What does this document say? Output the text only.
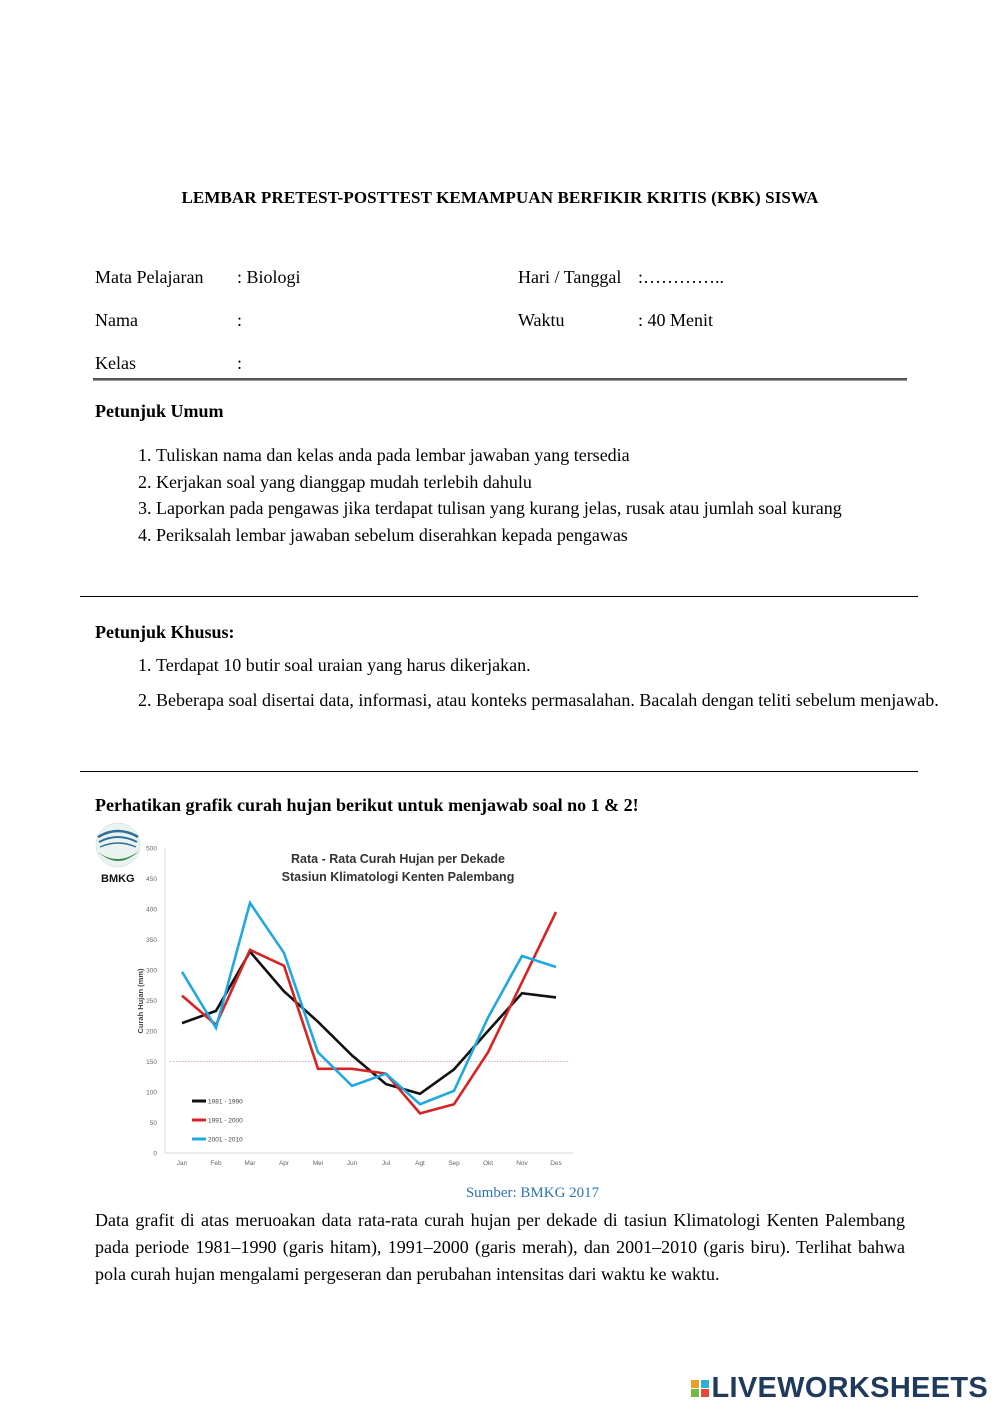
LEMBAR PRETEST-POSTTEST KEMAMPUAN BERFIKIR KRITIS (KBK) SISWA
Mata Pelajaran : Biologi	Hari / Tanggal :…………..
Nama	:	Waktu	: 40 Menit
Kelas	:
Petunjuk Umum
1. Tuliskan nama dan kelas anda pada lembar jawaban yang tersedia
2. Kerjakan soal yang dianggap mudah terlebih dahulu
3. Laporkan pada pengawas jika terdapat tulisan yang kurang jelas, rusak atau jumlah soal kurang
4. Periksalah lembar jawaban sebelum diserahkan kepada pengawas
Petunjuk Khusus:
1. Terdapat 10 butir soal uraian yang harus dikerjakan.
2. Beberapa soal disertai data, informasi, atau konteks permasalahan. Bacalah dengan teliti sebelum menjawab.
Perhatikan grafik curah hujan berikut untuk menjawab soal no 1 & 2!
BMKG
Rata - Rata Curah Hujan per Dekade
Stasiun Klimatologi Kenten Palembang
Curah Hujan (mm)
0
50
100
150
200
250
300
350
400
450
500
Jan	Feb	Mar	Apr	Mei	Jun	Jul	Agt	Sep	Okt	Nov	Des
1981 - 1990
1991 - 2000
2001 - 2010
Sumber: BMKG 2017
Data grafit di atas meruoakan data rata-rata curah hujan per dekade di tasiun Klimatologi Kenten Palembang pada periode 1981–1990 (garis hitam), 1991–2000 (garis merah), dan 2001–2010 (garis biru). Terlihat bahwa pola curah hujan mengalami pergeseran dan perubahan intensitas dari waktu ke waktu.
LIVEWORKSHEETS
